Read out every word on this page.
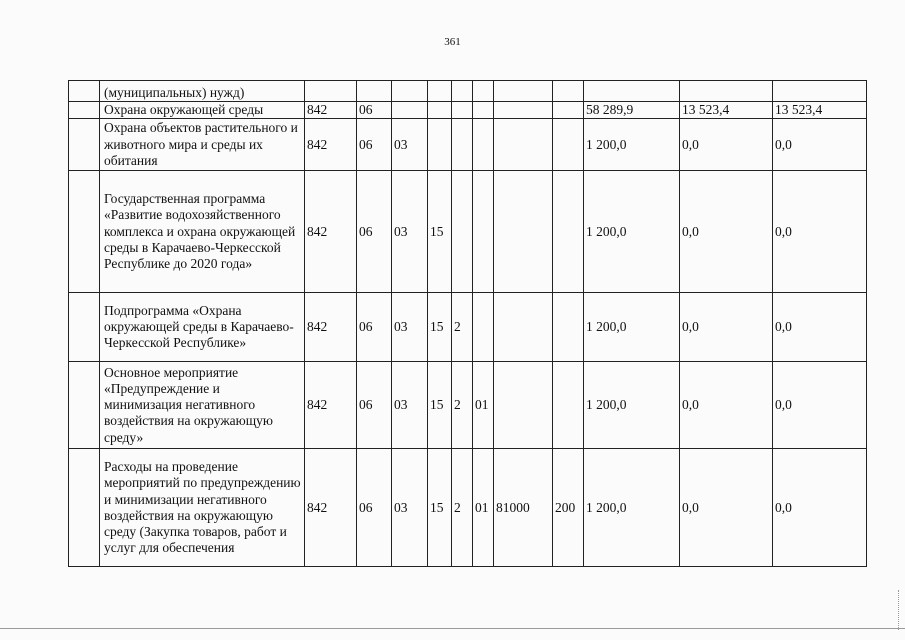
361
	(муниципальных) нужд)											
	Охрана окружающей среды	842	06							58 289,9	13 523,4	13 523,4
	Охрана объектов растительного и животного мира и среды их обитания	842	06	03						1 200,0	0,0	0,0
	Государственная программа «Развитие водохозяйственного комплекса и охрана окружающей среды в Карачаево-Черкесской Республике до 2020 года»	842	06	03	15					1 200,0	0,0	0,0
	Подпрограмма «Охрана окружающей среды в Карачаево-Черкесской Республике»	842	06	03	15	2				1 200,0	0,0	0,0
	Основное мероприятие «Предупреждение и минимизация негативного воздействия на окружающую среду»	842	06	03	15	2	01			1 200,0	0,0	0,0
	Расходы на проведение мероприятий по предупреждению и минимизации негативного воздействия на окружающую среду (Закупка товаров, работ и услуг для обеспечения	842	06	03	15	2	01	81000	200	1 200,0	0,0	0,0
